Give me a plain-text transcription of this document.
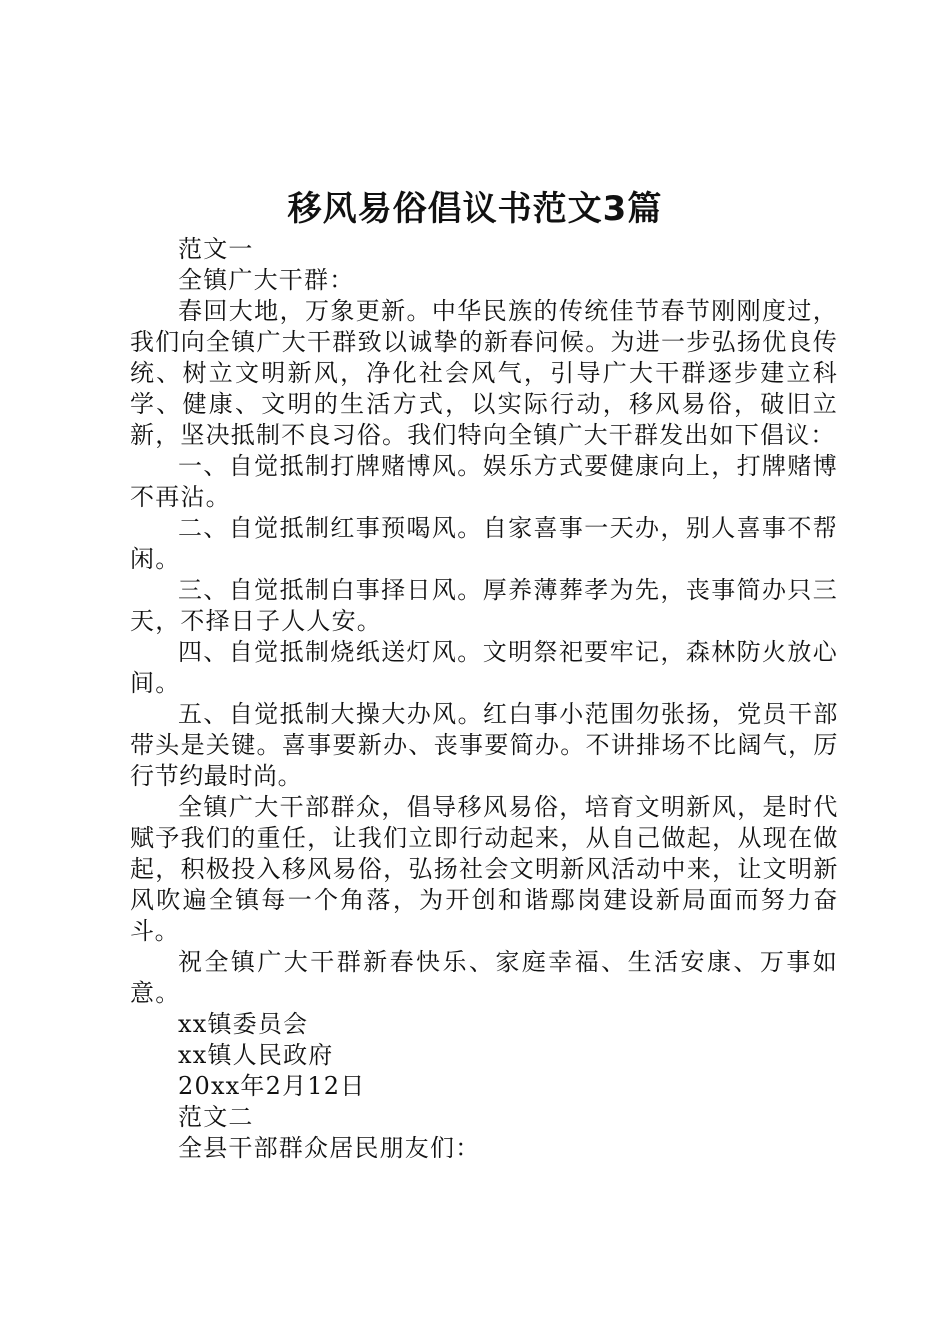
移风易俗倡议书范文3篇

范文一

全镇广大干群：

春回大地，万象更新。中华民族的传统佳节春节刚刚度过，我们向全镇广大干群致以诚挚的新春问候。为进一步弘扬优良传统、树立文明新风，净化社会风气，引导广大干群逐步建立科学、健康、文明的生活方式，以实际行动，移风易俗，破旧立新，坚决抵制不良习俗。我们特向全镇广大干群发出如下倡议：

一、自觉抵制打牌赌博风。娱乐方式要健康向上，打牌赌博不再沾。

二、自觉抵制红事预喝风。自家喜事一天办，别人喜事不帮闲。

三、自觉抵制白事择日风。厚养薄葬孝为先，丧事简办只三天，不择日子人人安。

四、自觉抵制烧纸送灯风。文明祭祀要牢记，森林防火放心间。

五、自觉抵制大操大办风。红白事小范围勿张扬，党员干部带头是关键。喜事要新办、丧事要简办。不讲排场不比阔气，厉行节约最时尚。

全镇广大干部群众，倡导移风易俗，培育文明新风，是时代赋予我们的重任，让我们立即行动起来，从自己做起，从现在做起，积极投入移风易俗，弘扬社会文明新风活动中来，让文明新风吹遍全镇每一个角落，为开创和谐鄢岗建设新局面而努力奋斗。

祝全镇广大干群新春快乐、家庭幸福、生活安康、万事如意。

xx镇委员会

xx镇人民政府

20xx年2月12日

范文二

全县干部群众居民朋友们：
